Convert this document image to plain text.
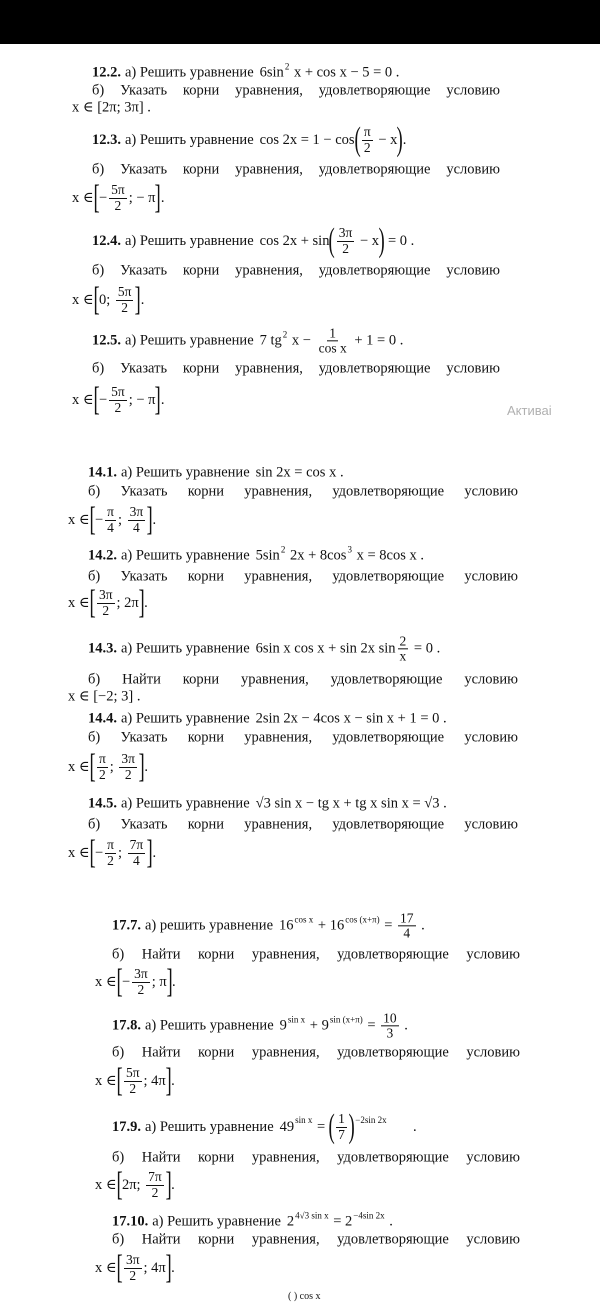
12.2. а) Решить уравнение 6sin 2 x + cos x − 5 = 0 .
б) Указать корни уравнения, удовлетворяющие условию
x ∈ [2π; 3π] .
12.3. а) Решить уравнение cos 2x = 1 − cos ( $\frac{\pi}{2} - x$ ) .
б) Указать корни уравнения, удовлетворяющие условию
x ∈ [ − $\frac{5\pi}{2}$ ; − π ] .
12.4. а) Решить уравнение cos 2x + sin ( $\frac{3\pi}{2} - x$ ) = 0 .
б) Указать корни уравнения, удовлетворяющие условию
x ∈ [ 0; $\frac{5\pi}{2}$ ] .
12.5. а) Решить уравнение 7 tg 2 $x - \frac{1}{\text{cos x}} + 1 = 0$ .
б) Указать корни уравнения, удовлетворяющие условию
x ∈ [ − $\frac{5\pi}{2}$ ; − π ] .
14.1. а) Решить уравнение sin 2x = cos x .
б) Указать корни уравнения, удовлетворяющие условию
x ∈ [ − $\frac{\pi}{4}$ ; $\frac{3\pi}{4}$ ] .
14.2. а) Решить уравнение 5sin 2 2x + 8cos 3 x = 8cos x .
б) Указать корни уравнения, удовлетворяющие условию
x ∈ [ $\frac{3\pi}{2}$ ; 2π ] .
14.3. а) Решить уравнение 6sin x cos x + sin 2x $\sin \frac{2}{x} = 0$ .
б) Найти корни уравнения, удовлетворяющие условию
x ∈ [−2; 3] .
14.4. а) Решить уравнение 2sin 2x − 4cos x − sin x + 1 = 0 .
б) Указать корни уравнения, удовлетворяющие условию
x ∈ [ $\frac{\pi}{2}$ ; $\frac{3\pi}{2}$ ] .
14.5. а) Решить уравнение √3 sin x − tg x + tg x sin x = √3 .
б) Указать корни уравнения, удовлетворяющие условию
x ∈ [ − $\frac{\pi}{2}$ ; $\frac{7\pi}{4}$ ] .
17.7. а) решить уравнение 16 cos x + 16 $\cos (x+\pi) = \frac{17}{4}$ .
б) Найти корни уравнения, удовлетворяющие условию
x ∈ [ − $\frac{3\pi}{2}$ ; π ] .
17.8. а) Решить уравнение 9 sin x + 9 $\sin (x+\pi) = \frac{10}{3}$ .
б) Найти корни уравнения, удовлетворяющие условию
x ∈ [ $\frac{5\pi}{2}$ ; 4π ] .
17.9. а) Решить уравнение 49 sin x = ( $\frac{1}{7}$ ) −2sin 2x .
б) Найти корни уравнения, удовлетворяющие условию
x ∈ [ 2π; $\frac{7\pi}{2}$ ] .
17.10. а) Решить уравнение 2 4√3 sin x = 2 −4sin 2x .
б) Найти корни уравнения, удовлетворяющие условию
x ∈ [ $\frac{3\pi}{2}$ ; 4π ] .
Активаі
( ) cos x
